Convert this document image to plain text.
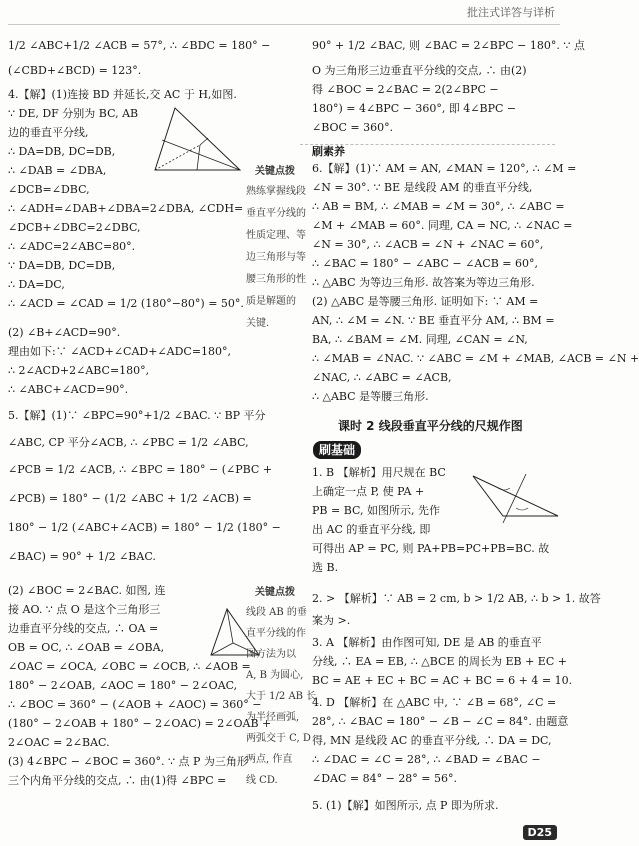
批注式详答与详析
1/2 ∠ABC+1/2 ∠ACB = 57°, ∴ ∠BDC = 180° −
(∠CBD+∠BCD) = 123°.
4.【解】(1)连接 BD 并延长,交 AC 于 H,如图.
∵ DE, DF 分别为 BC, AB
边的垂直平分线,
∴ DA=DB, DC=DB,
∴ ∠DAB = ∠DBA,
∠DCB=∠DBC,
∴ ∠ADH=∠DAB+∠DBA=2∠DBA, ∠CDH=
∠DCB+∠DBC=2∠DBC,
∴ ∠ADC=2∠ABC=80°.
∵ DA=DB, DC=DB,
∴ DA=DC,
∴ ∠ACD = ∠CAD = 1/2 (180°−80°) = 50°.
(2) ∠B+∠ACD=90°.
理由如下:∵ ∠ACD+∠CAD+∠ADC=180°,
∴ 2∠ACD+2∠ABC=180°,
∴ ∠ABC+∠ACD=90°.
5.【解】(1)∵ ∠BPC=90°+1/2 ∠BAC. ∵ BP 平分
∠ABC, CP 平分∠ACB, ∴ ∠PBC = 1/2 ∠ABC,
∠PCB = 1/2 ∠ACB, ∴ ∠BPC = 180° − (∠PBC +
∠PCB) = 180° − (1/2 ∠ABC + 1/2 ∠ACB) =
180° − 1/2 (∠ABC+∠ACB) = 180° − 1/2 (180° −
∠BAC) = 90° + 1/2 ∠BAC.
(2) ∠BOC = 2∠BAC. 如图, 连
接 AO. ∵ 点 O 是这个三角形三
边垂直平分线的交点, ∴ OA =
OB = OC, ∴ ∠OAB = ∠OBA,
∠OAC = ∠OCA, ∠OBC = ∠OCB, ∴ ∠AOB =
180° − 2∠OAB, ∠AOC = 180° − 2∠OAC,
∴ ∠BOC = 360° − (∠AOB + ∠AOC) = 360° −
(180° − 2∠OAB + 180° − 2∠OAC) = 2∠OAB +
2∠OAC = 2∠BAC.
(3) 4∠BPC − ∠BOC = 360°. ∵ 点 P 为三角形
三个内角平分线的交点, ∴ 由(1)得 ∠BPC =
90° + 1/2 ∠BAC, 则 ∠BAC = 2∠BPC − 180°. ∵ 点
O 为三角形三边垂直平分线的交点, ∴ 由(2)
得 ∠BOC = 2∠BAC = 2(2∠BPC −
180°) = 4∠BPC − 360°, 即 4∠BPC −
∠BOC = 360°.
6.【解】(1)∵ AM = AN, ∠MAN = 120°, ∴ ∠M =
∠N = 30°. ∵ BE 是线段 AM 的垂直平分线,
∴ AB = BM, ∴ ∠MAB = ∠M = 30°, ∴ ∠ABC =
∠M + ∠MAB = 60°. 同理, CA = NC, ∴ ∠NAC =
∠N = 30°, ∴ ∠ACB = ∠N + ∠NAC = 60°,
∴ ∠BAC = 180° − ∠ABC − ∠ACB = 60°,
∴ △ABC 为等边三角形. 故答案为等边三角形.
(2) △ABC 是等腰三角形. 证明如下: ∵ AM =
AN, ∴ ∠M = ∠N. ∵ BE 垂直平分 AM, ∴ BM =
BA, ∴ ∠BAM = ∠M. 同理, ∠CAN = ∠N,
∴ ∠MAB = ∠NAC. ∵ ∠ABC = ∠M + ∠MAB, ∠ACB = ∠N +
∠NAC, ∴ ∠ABC = ∠ACB,
∴ △ABC 是等腰三角形.
1. B 【解析】用尺规在 BC
上确定一点 P, 使 PA +
PB = BC, 如图所示, 先作
出 AC 的垂直平分线, 即
可得出 AP = PC, 则 PA+PB=PC+PB=BC. 故
选 B.
2. > 【解析】∵ AB = 2 cm, b > 1/2 AB, ∴ b > 1. 故答
案为 >.
3. A 【解析】由作图可知, DE 是 AB 的垂直平
分线, ∴ EA = EB, ∴ △BCE 的周长为 EB + EC +
BC = AE + EC + BC = AC + BC = 6 + 4 = 10.
4. D 【解析】在 △ABC 中, ∵ ∠B = 68°, ∠C =
28°, ∴ ∠BAC = 180° − ∠B − ∠C = 84°. 由题意
得, MN 是线段 AC 的垂直平分线, ∴ DA = DC,
∴ ∠DAC = ∠C = 28°, ∴ ∠BAD = ∠BAC −
∠DAC = 84° − 28° = 56°.
5. (1)【解】如图所示, 点 P 即为所求.
刷素养
关键点拨
熟练掌握线段
垂直平分线的
性质定理、等
边三角形与等
腰三角形的性
质是解题的
关键.
课时 2 线段垂直平分线的尺规作图
刷基础
关键点拨
线段 AB 的垂
直平分线的作
图方法为以
A, B 为圆心,
大于 1/2 AB 长
为半径画弧,
两弧交于 C, D
两点, 作直
线 CD.
D25
